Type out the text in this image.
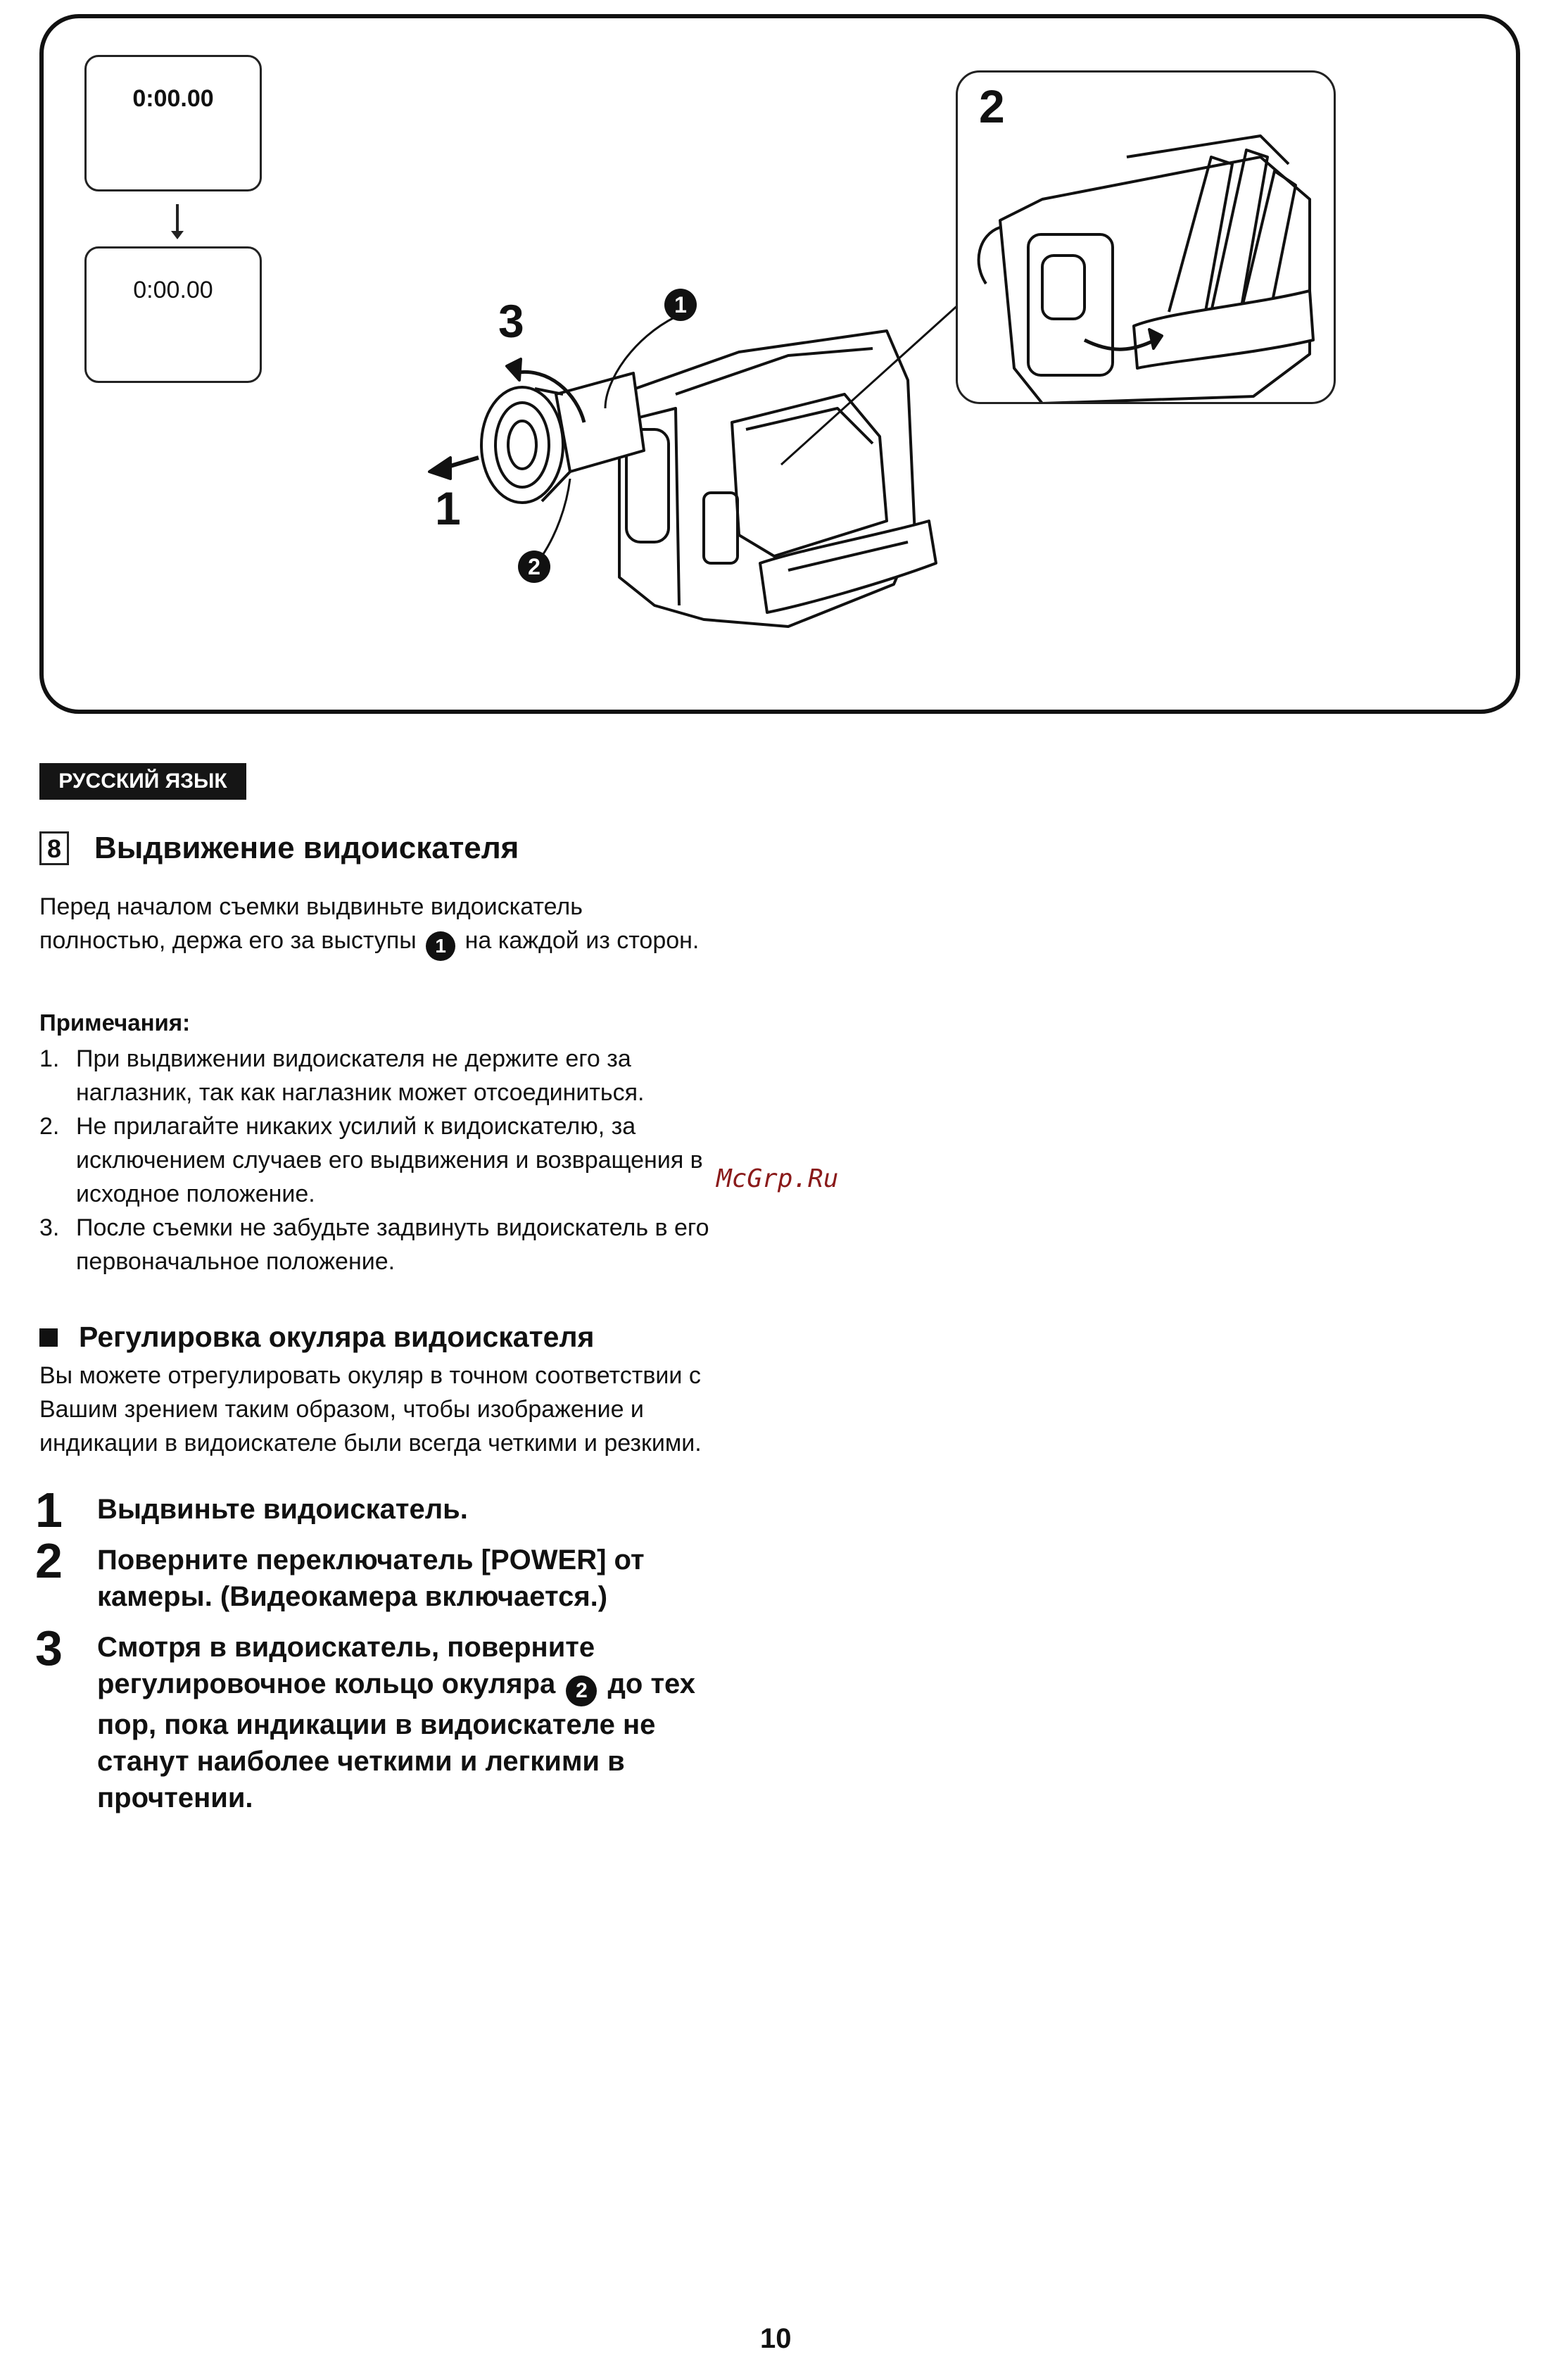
0:00.00
0:00.00
3
1
1
2
2
РУССКИЙ ЯЗЫК
8 Выдвижение видоискателя

Перед началом съемки выдвиньте видоискатель полностью, держа его за выступы 1 на каждой из сторон.

Примечания:
1. При выдвижении видоискателя не держите его за наглазник, так как наглазник может отсоединиться.
2. Не прилагайте никаких усилий к видоискателю, за исключением случаев его выдвижения и возвращения в исходное положение.
3. После съемки не забудьте задвинуть видоискатель в его первоначальное положение.
Регулировка окуляра видоискателя

Вы можете отрегулировать окуляр в точном соответствии с Вашим зрением таким образом, чтобы изображение и индикации в видоискателе были всегда четкими и резкими.

1 Выдвиньте видоискатель.
2 Поверните переключатель [POWER] от камеры. (Видеокамера включается.)
3 Смотря в видоискатель, поверните регулировочное кольцо окуляра 2 до тех пор, пока индикации в видоискателе не станут наиболее четкими и легкими в прочтении.
McGrp.Ru
10
